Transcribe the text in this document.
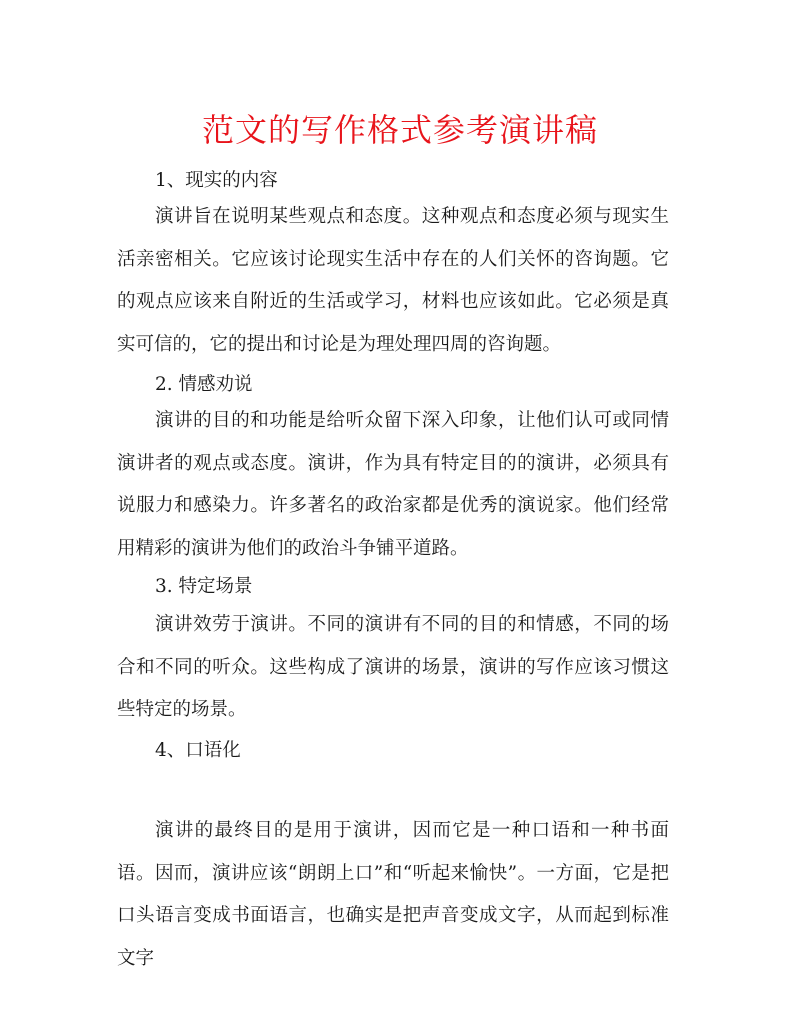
范文的写作格式参考演讲稿
1、现实的内容

演讲旨在说明某些观点和态度。这种观点和态度必须与现实生活亲密相关。它应该讨论现实生活中存在的人们关怀的咨询题。它的观点应该来自附近的生活或学习，材料也应该如此。它必须是真实可信的，它的提出和讨论是为理处理四周的咨询题。

2. 情感劝说

演讲的目的和功能是给听众留下深入印象，让他们认可或同情演讲者的观点或态度。演讲，作为具有特定目的的演讲，必须具有说服力和感染力。许多著名的政治家都是优秀的演说家。他们经常用精彩的演讲为他们的政治斗争铺平道路。

3. 特定场景

演讲效劳于演讲。不同的演讲有不同的目的和情感，不同的场合和不同的听众。这些构成了演讲的场景，演讲的写作应该习惯这些特定的场景。

4、口语化

演讲的最终目的是用于演讲，因而它是一种口语和一种书面语。因而，演讲应该“朗朗上口”和“听起来愉快”。一方面，它是把口头语言变成书面语言，也确实是把声音变成文字，从而起到标准文字
